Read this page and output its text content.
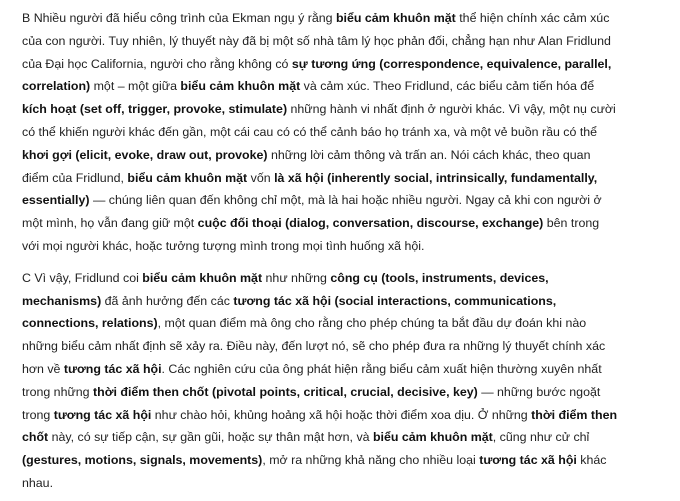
B Nhiều người đã hiểu công trình của Ekman ngụ ý rằng biểu cảm khuôn mặt thể hiện chính xác cảm xúc
của con người. Tuy nhiên, lý thuyết này đã bị một số nhà tâm lý học phản đối, chẳng hạn như Alan Fridlund
của Đại học California, người cho rằng không có sự tương ứng (correspondence, equivalence, parallel,
correlation) một – một giữa biểu cảm khuôn mặt và cảm xúc. Theo Fridlund, các biểu cảm tiến hóa để
kích hoạt (set off, trigger, provoke, stimulate) những hành vi nhất định ở người khác. Vì vậy, một nụ cười
có thể khiến người khác đến gần, một cái cau có có thể cảnh báo họ tránh xa, và một vẻ buồn rầu có thể
khơi gợi (elicit, evoke, draw out, provoke) những lời cảm thông và trấn an. Nói cách khác, theo quan
điểm của Fridlund, biểu cảm khuôn mặt vốn là xã hội (inherently social, intrinsically, fundamentally,
essentially) — chúng liên quan đến không chỉ một, mà là hai hoặc nhiều người. Ngay cả khi con người ở
một mình, họ vẫn đang giữ một cuộc đối thoại (dialog, conversation, discourse, exchange) bên trong
với mọi người khác, hoặc tưởng tượng mình trong mọi tình huống xã hội.
C Vì vậy, Fridlund coi biểu cảm khuôn mặt như những công cụ (tools, instruments, devices,
mechanisms) đã ảnh hưởng đến các tương tác xã hội (social interactions, communications,
connections, relations), một quan điểm mà ông cho rằng cho phép chúng ta bắt đầu dự đoán khi nào
những biểu cảm nhất định sẽ xảy ra. Điều này, đến lượt nó, sẽ cho phép đưa ra những lý thuyết chính xác
hơn về tương tác xã hội. Các nghiên cứu của ông phát hiện rằng biểu cảm xuất hiện thường xuyên nhất
trong những thời điểm then chốt (pivotal points, critical, crucial, decisive, key) — những bước ngoặt
trong tương tác xã hội như chào hỏi, khủng hoảng xã hội hoặc thời điểm xoa dịu. Ở những thời điểm then
chốt này, có sự tiếp cận, sự gần gũi, hoặc sự thân mật hơn, và biểu cảm khuôn mặt, cũng như cử chỉ
(gestures, motions, signals, movements), mở ra những khả năng cho nhiều loại tương tác xã hội khác
nhau.
